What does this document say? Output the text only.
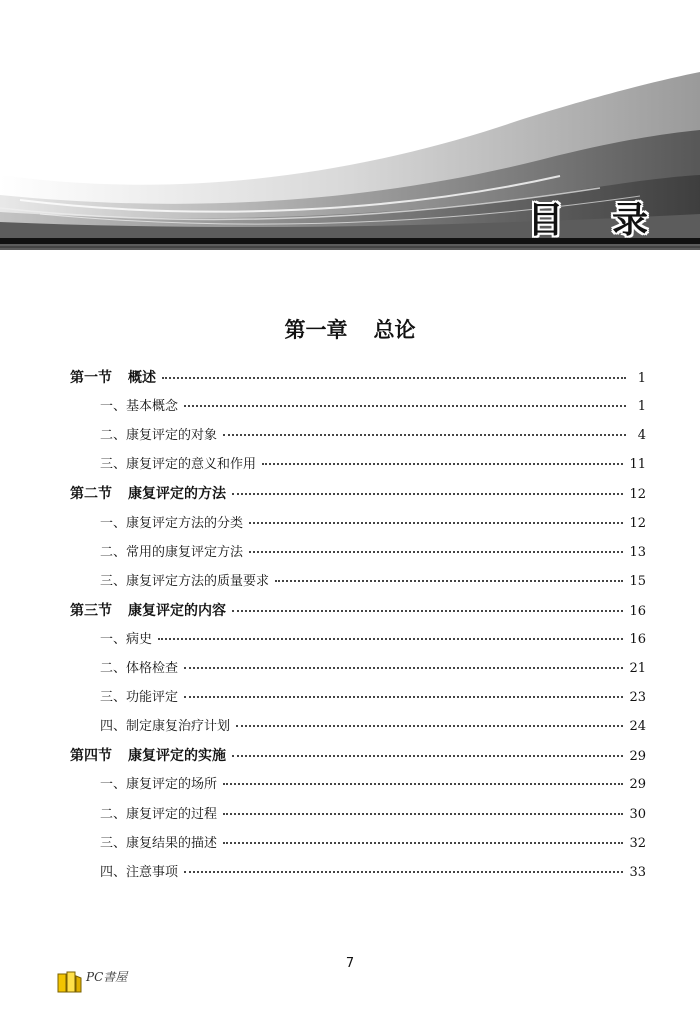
目 录
第一章 总论
第一节 概述	1
一、基本概念	1
二、康复评定的对象	4
三、康复评定的意义和作用	11
第二节 康复评定的方法	12
一、康复评定方法的分类	12
二、常用的康复评定方法	13
三、康复评定方法的质量要求	15
第三节 康复评定的内容	16
一、病史	16
二、体格检查	21
三、功能评定	23
四、制定康复治疗计划	24
第四节 康复评定的实施	29
一、康复评定的场所	29
二、康复评定的过程	30
三、康复结果的描述	32
四、注意事项	33
7
PC書屋
